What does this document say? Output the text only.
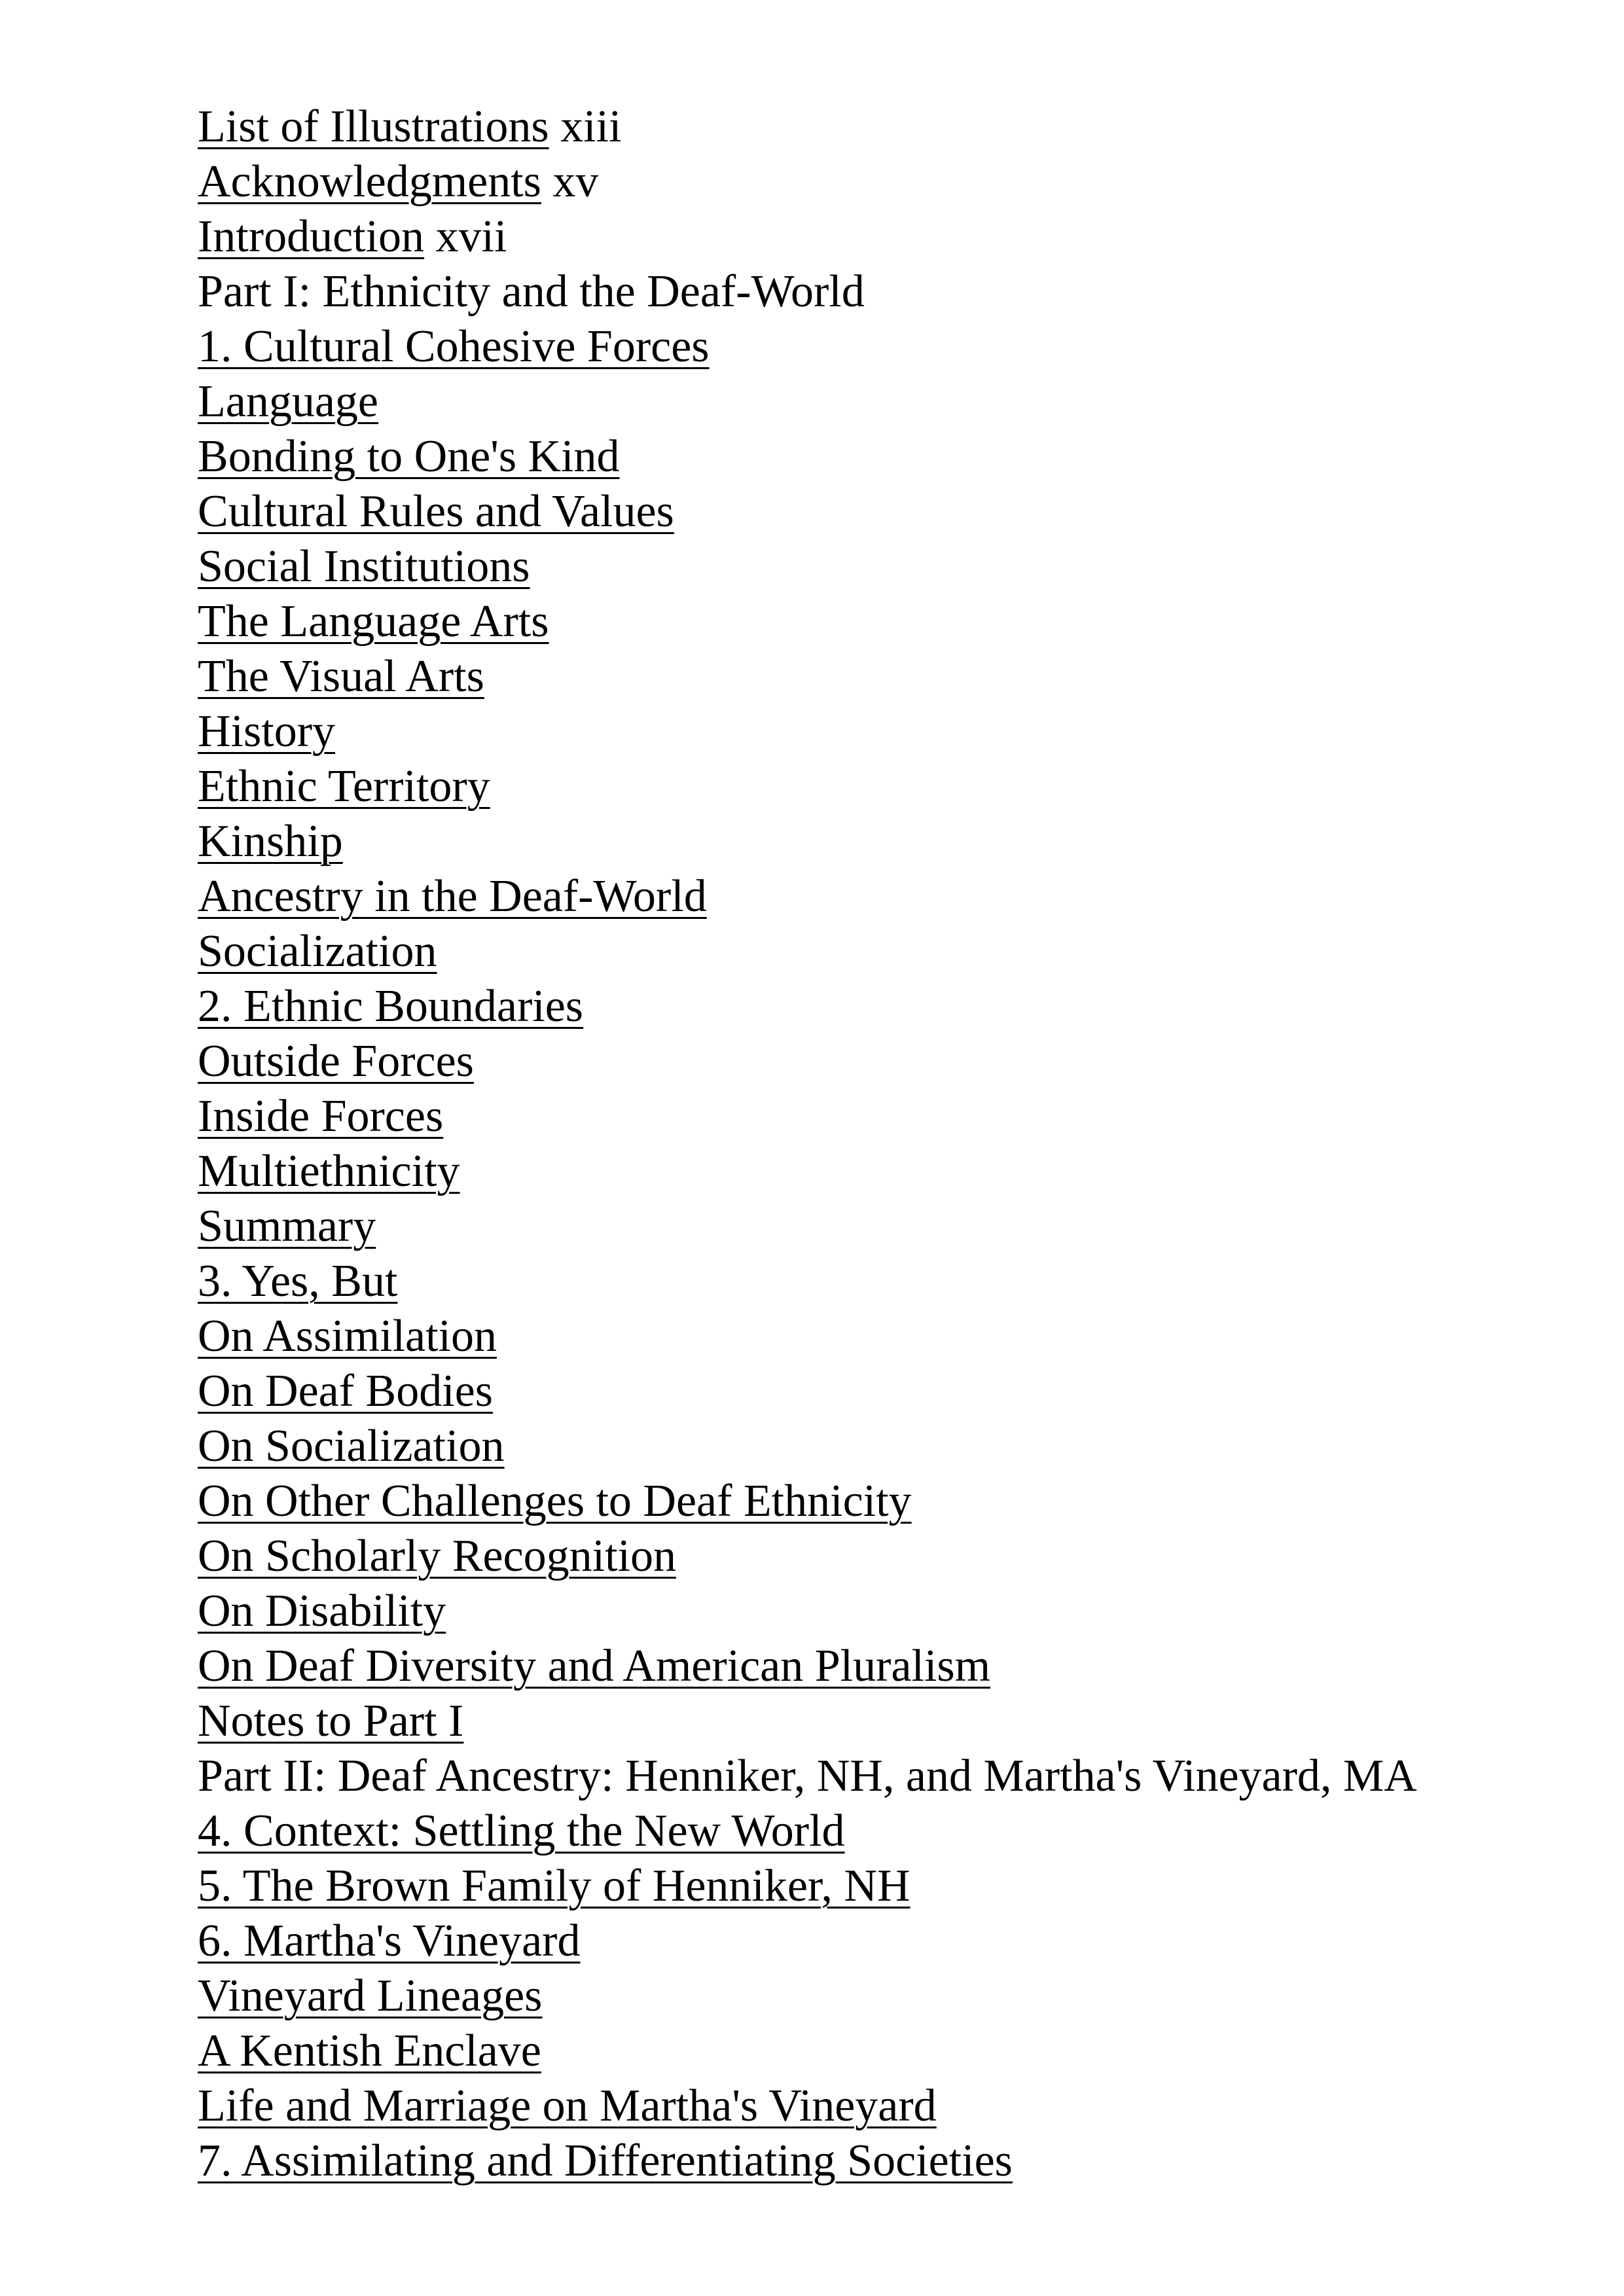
List of Illustrations xiii
Acknowledgments xv
Introduction xvii
Part I: Ethnicity and the Deaf-World
1. Cultural Cohesive Forces
Language
Bonding to One's Kind
Cultural Rules and Values
Social Institutions
The Language Arts
The Visual Arts
History
Ethnic Territory
Kinship
Ancestry in the Deaf-World
Socialization
2. Ethnic Boundaries
Outside Forces
Inside Forces
Multiethnicity
Summary
3. Yes, But
On Assimilation
On Deaf Bodies
On Socialization
On Other Challenges to Deaf Ethnicity
On Scholarly Recognition
On Disability
On Deaf Diversity and American Pluralism
Notes to Part I
Part II: Deaf Ancestry: Henniker, NH, and Martha's Vineyard, MA
4. Context: Settling the New World
5. The Brown Family of Henniker, NH
6. Martha's Vineyard
Vineyard Lineages
A Kentish Enclave
Life and Marriage on Martha's Vineyard
7. Assimilating and Differentiating Societies
